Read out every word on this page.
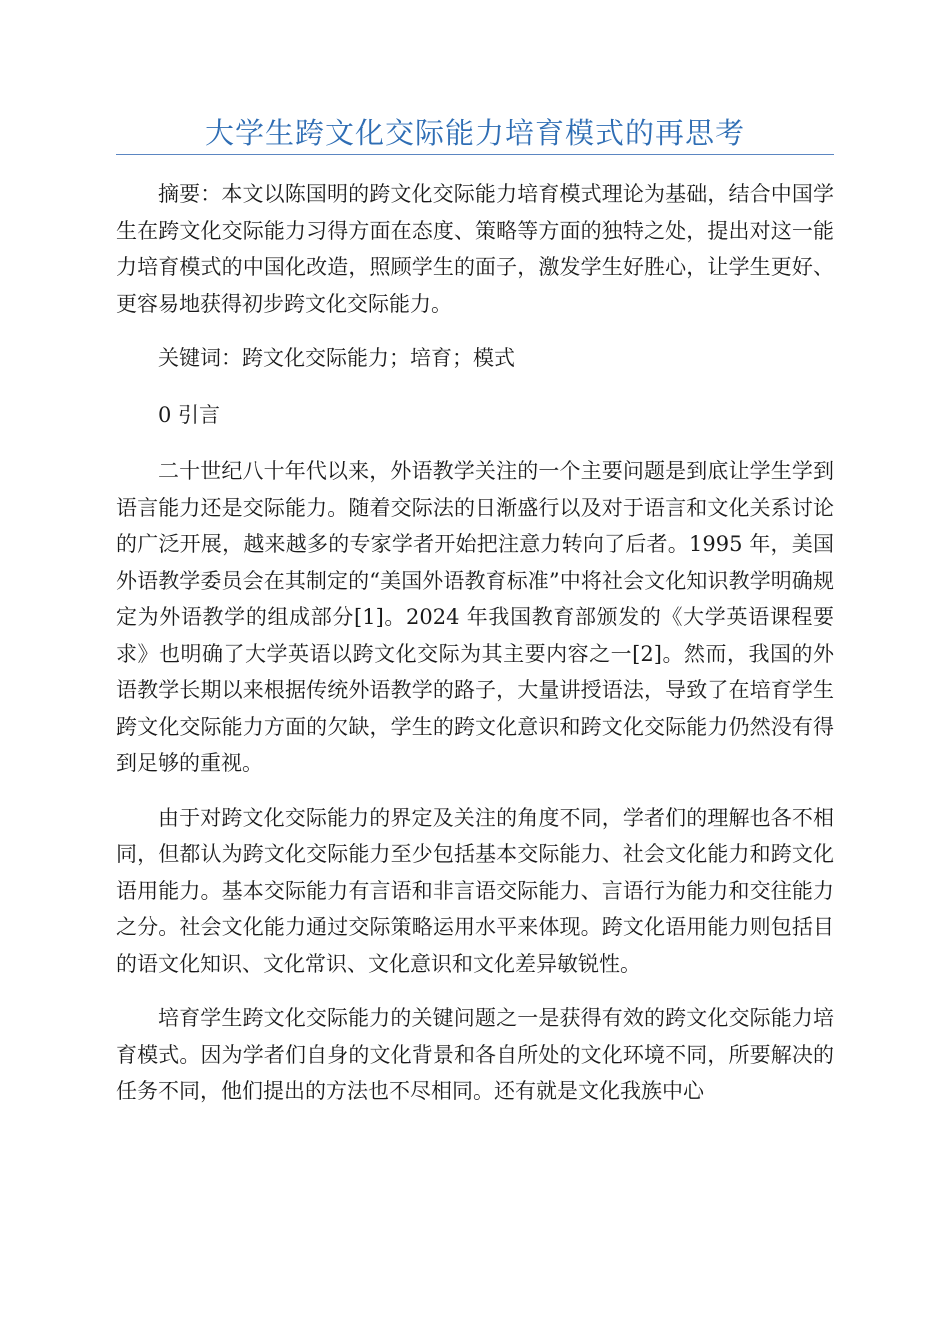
大学生跨文化交际能力培育模式的再思考

摘要：本文以陈国明的跨文化交际能力培育模式理论为基础，结合中国学生在跨文化交际能力习得方面在态度、策略等方面的独特之处，提出对这一能力培育模式的中国化改造，照顾学生的面子，激发学生好胜心，让学生更好、更容易地获得初步跨文化交际能力。

关键词：跨文化交际能力；培育；模式

0 引言

二十世纪八十年代以来，外语教学关注的一个主要问题是到底让学生学到语言能力还是交际能力。随着交际法的日渐盛行以及对于语言和文化关系讨论的广泛开展，越来越多的专家学者开始把注意力转向了后者。1995 年，美国外语教学委员会在其制定的“美国外语教育标准”中将社会文化知识教学明确规定为外语教学的组成部分[1]。2024 年我国教育部颁发的《大学英语课程要求》也明确了大学英语以跨文化交际为其主要内容之一[2]。然而，我国的外语教学长期以来根据传统外语教学的路子，大量讲授语法，导致了在培育学生跨文化交际能力方面的欠缺，学生的跨文化意识和跨文化交际能力仍然没有得到足够的重视。

由于对跨文化交际能力的界定及关注的角度不同，学者们的理解也各不相同，但都认为跨文化交际能力至少包括基本交际能力、社会文化能力和跨文化语用能力。基本交际能力有言语和非言语交际能力、言语行为能力和交往能力之分。社会文化能力通过交际策略运用水平来体现。跨文化语用能力则包括目的语文化知识、文化常识、文化意识和文化差异敏锐性。

培育学生跨文化交际能力的关键问题之一是获得有效的跨文化交际能力培育模式。因为学者们自身的文化背景和各自所处的文化环境不同，所要解决的任务不同，他们提出的方法也不尽相同。还有就是文化我族中心
